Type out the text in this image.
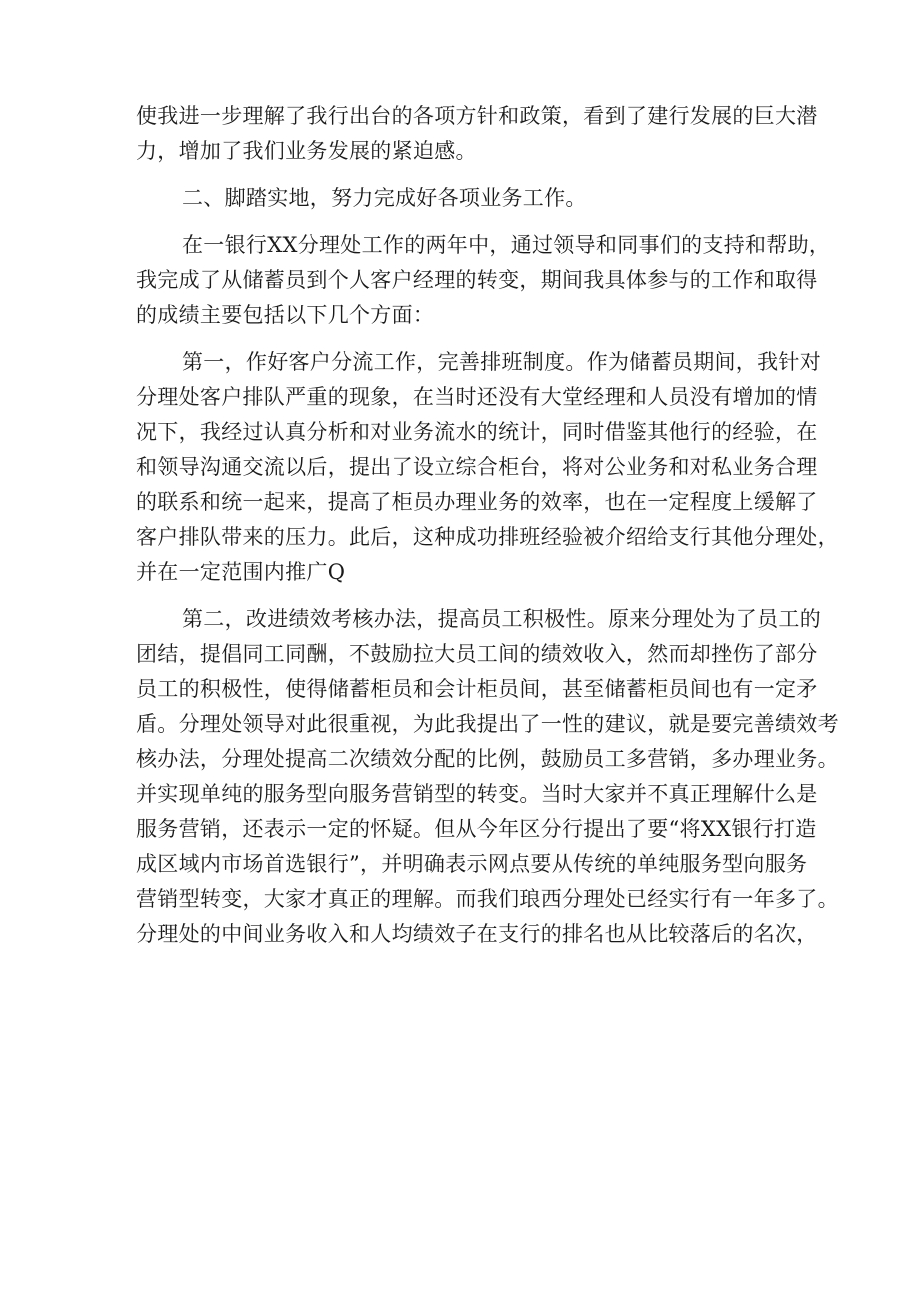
使我进一步理解了我行出台的各项方针和政策，看到了建行发展的巨大潜
力，增加了我们业务发展的紧迫感。
二、脚踏实地，努力完成好各项业务工作。
在一银行XX分理处工作的两年中，通过领导和同事们的支持和帮助，
我完成了从储蓄员到个人客户经理的转变，期间我具体参与的工作和取得
的成绩主要包括以下几个方面：
第一，作好客户分流工作，完善排班制度。作为储蓄员期间，我针对
分理处客户排队严重的现象，在当时还没有大堂经理和人员没有增加的情
况下，我经过认真分析和对业务流水的统计，同时借鉴其他行的经验，在
和领导沟通交流以后，提出了设立综合柜台，将对公业务和对私业务合理
的联系和统一起来，提高了柜员办理业务的效率，也在一定程度上缓解了
客户排队带来的压力。此后，这种成功排班经验被介绍给支行其他分理处，
并在一定范围内推广Q
第二，改进绩效考核办法，提高员工积极性。原来分理处为了员工的
团结，提倡同工同酬，不鼓励拉大员工间的绩效收入，然而却挫伤了部分
员工的积极性，使得储蓄柜员和会计柜员间，甚至储蓄柜员间也有一定矛
盾。分理处领导对此很重视，为此我提出了一性的建议，就是要完善绩效考
核办法，分理处提高二次绩效分配的比例，鼓励员工多营销，多办理业务。
并实现单纯的服务型向服务营销型的转变。当时大家并不真正理解什么是
服务营销，还表示一定的怀疑。但从今年区分行提出了要“将XX银行打造
成区域内市场首选银行”，并明确表示网点要从传统的单纯服务型向服务
营销型转变，大家才真正的理解。而我们琅西分理处已经实行有一年多了。
分理处的中间业务收入和人均绩效子在支行的排名也从比较落后的名次，
